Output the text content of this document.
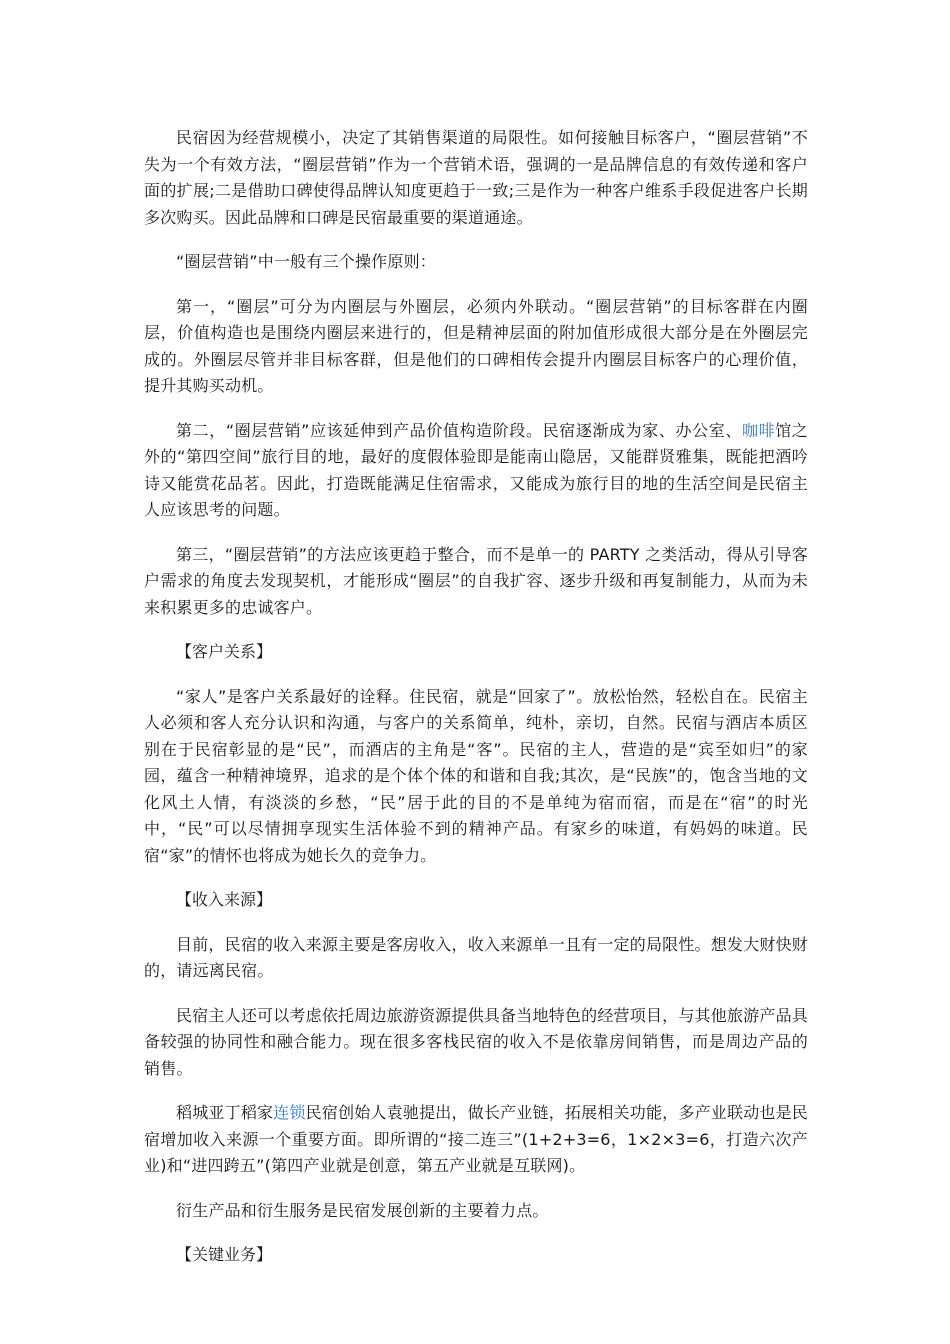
民宿因为经营规模小，决定了其销售渠道的局限性。如何接触目标客户，“圈层营销”不失为一个有效方法，“圈层营销”作为一个营销术语，强调的一是品牌信息的有效传递和客户面的扩展;二是借助口碑使得品牌认知度更趋于一致;三是作为一种客户维系手段促进客户长期多次购买。因此品牌和口碑是民宿最重要的渠道通途。

“圈层营销”中一般有三个操作原则：

第一，“圈层”可分为内圈层与外圈层，必须内外联动。“圈层营销”的目标客群在内圈层，价值构造也是围绕内圈层来进行的，但是精神层面的附加值形成很大部分是在外圈层完成的。外圈层尽管并非目标客群，但是他们的口碑相传会提升内圈层目标客户的心理价值，提升其购买动机。

第二，“圈层营销”应该延伸到产品价值构造阶段。民宿逐渐成为家、办公室、咖啡馆之外的“第四空间”旅行目的地，最好的度假体验即是能南山隐居，又能群贤雅集，既能把酒吟诗又能赏花品茗。因此，打造既能满足住宿需求，又能成为旅行目的地的生活空间是民宿主人应该思考的问题。

第三，“圈层营销”的方法应该更趋于整合，而不是单一的 PARTY 之类活动，得从引导客户需求的角度去发现契机，才能形成“圈层”的自我扩容、逐步升级和再复制能力，从而为未来积累更多的忠诚客户。

【客户关系】

“家人”是客户关系最好的诠释。住民宿，就是“回家了”。放松怡然，轻松自在。民宿主人必须和客人充分认识和沟通，与客户的关系简单，纯朴，亲切，自然。民宿与酒店本质区别在于民宿彰显的是“民”，而酒店的主角是“客”。民宿的主人，营造的是“宾至如归”的家园，蕴含一种精神境界，追求的是个体个体的和谐和自我;其次，是“民族”的，饱含当地的文化风土人情，有淡淡的乡愁，“民”居于此的目的不是单纯为宿而宿，而是在“宿”的时光中，“民”可以尽情拥享现实生活体验不到的精神产品。有家乡的味道，有妈妈的味道。民宿“家”的情怀也将成为她长久的竞争力。

【收入来源】

目前，民宿的收入来源主要是客房收入，收入来源单一且有一定的局限性。想发大财快财的，请远离民宿。

民宿主人还可以考虑依托周边旅游资源提供具备当地特色的经营项目，与其他旅游产品具备较强的协同性和融合能力。现在很多客栈民宿的收入不是依靠房间销售，而是周边产品的销售。

稻城亚丁稻家连锁民宿创始人袁驰提出，做长产业链，拓展相关功能，多产业联动也是民宿增加收入来源一个重要方面。即所谓的“接二连三”(1+2+3=6，1×2×3=6，打造六次产业)和“进四跨五”(第四产业就是创意，第五产业就是互联网)。

衍生产品和衍生服务是民宿发展创新的主要着力点。

【关键业务】
